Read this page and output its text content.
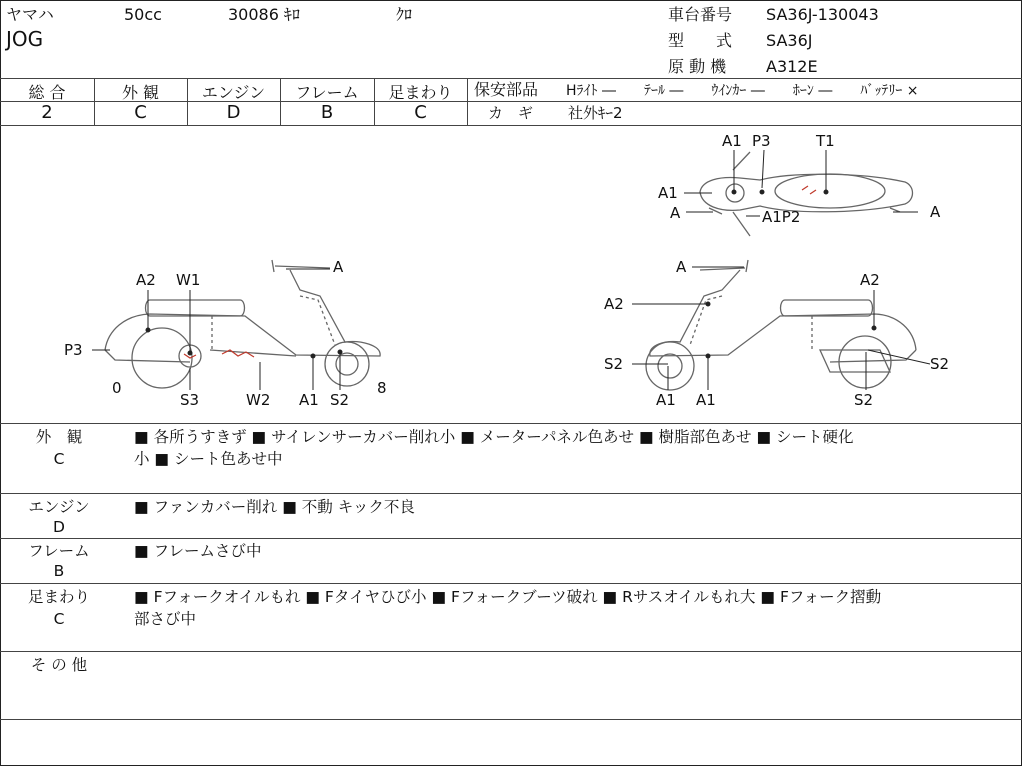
ヤマハ	50cc	30086 ｷﾛ	ｸﾛ
JOG
車台番号 SA36J-130043
型　　式 SA36J
原 動 機 A312E
総 合	外 観	エンジン	フレーム	足まわり
2	C	D	B	C
保安部品 Hﾗｲﾄ ―　　ﾃｰﾙ ―　　ｳｲﾝｶｰ ―　　ﾎｰﾝ ―　　ﾊﾞｯﾃﾘｰ ×
カ　ギ 社外ｷｰ2
A1 P3	T1
A1
A	A1P2	A
A2 W1
A
P3
0
S3	W2 A1 S2
8
A
A2
A2
S2	S2
A1 A1	S2
外　観
C
■ 各所うすきず ■ サイレンサーカバー削れ小 ■ メーターパネル色あせ ■ 樹脂部色あせ ■ シート硬化
小 ■ シート色あせ中
エンジン
D
■ ファンカバー削れ ■ 不動 キック不良
フレーム
B
■ フレームさび中
足まわり
C
■ Fフォークオイルもれ ■ Fタイヤひび小 ■ Fフォークブーツ破れ ■ Rサスオイルもれ大 ■ Fフォーク摺動
部さび中
そ の 他
